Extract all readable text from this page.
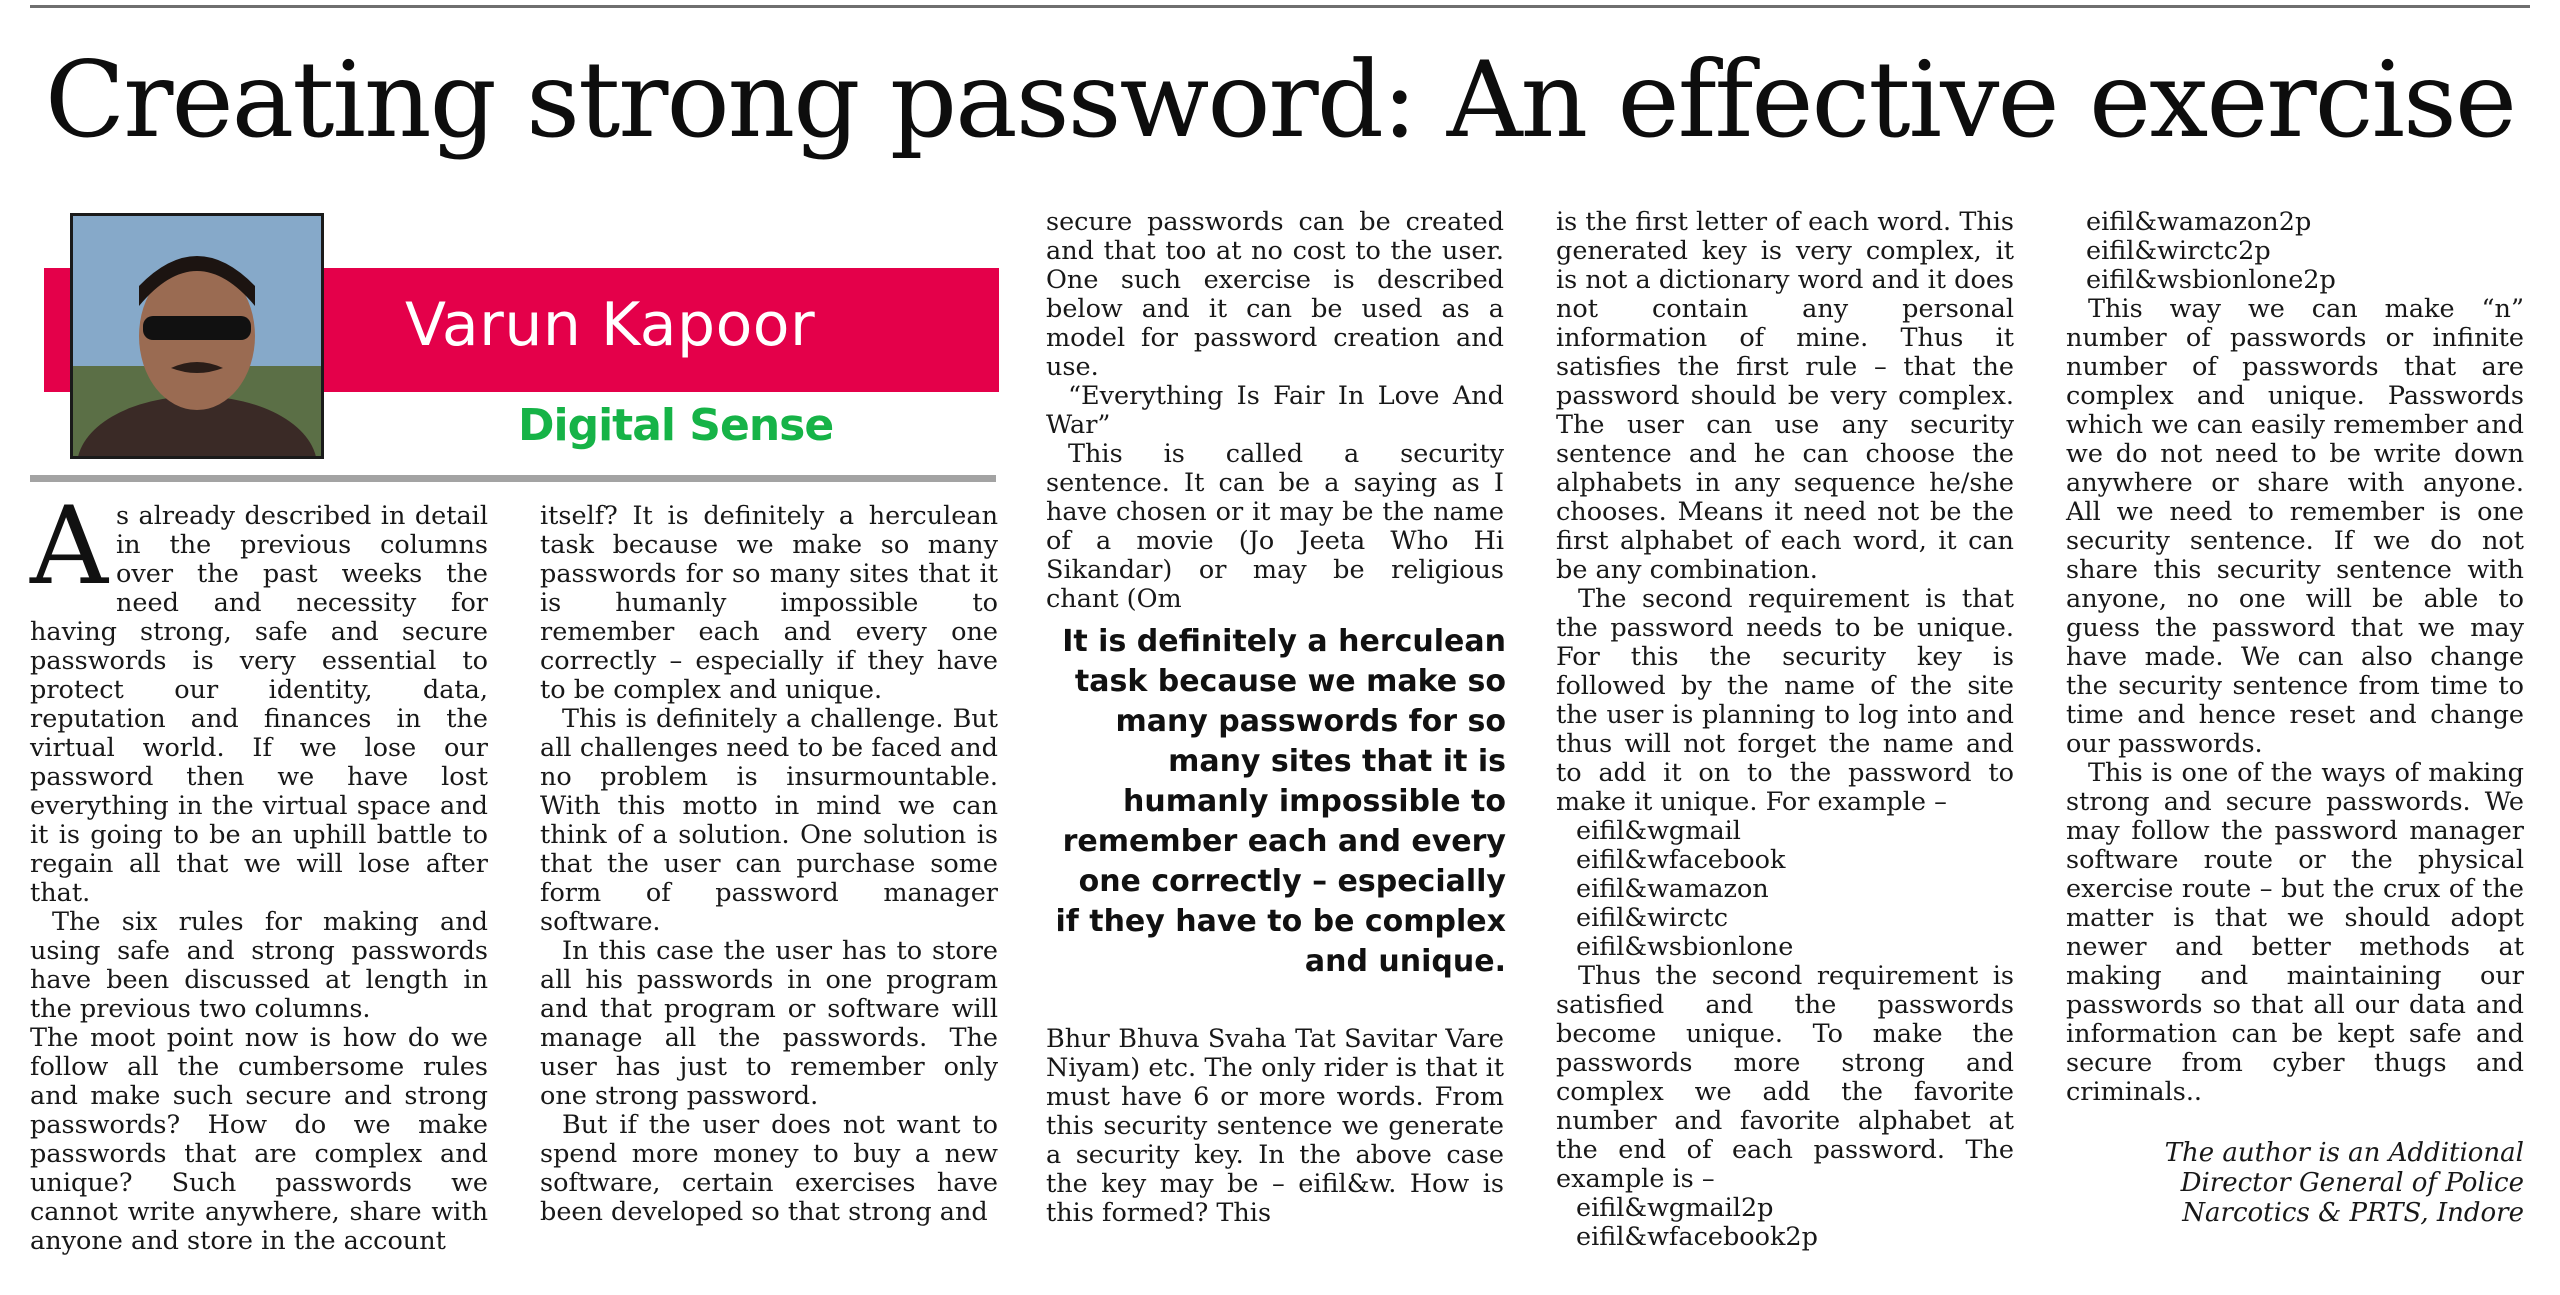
Creating strong password: An effective exercise
Varun Kapoor
Digital Sense

As already described in detail in the previous columns over the past weeks the need and necessity for having strong, safe and secure passwords is very essential to protect our identity, data, reputation and finances in the virtual world. If we lose our password then we have lost everything in the virtual space and it is going to be an uphill battle to regain all that we will lose after that.

The six rules for making and using safe and strong passwords have been discussed at length in the previous two columns.

The moot point now is how do we follow all the cumbersome rules and make such secure and strong passwords? How do we make passwords that are complex and unique? Such passwords we cannot write anywhere, share with anyone and store in the account

itself? It is definitely a herculean task because we make so many passwords for so many sites that it is humanly impossible to remember each and every one correctly – especially if they have to be complex and unique.

This is definitely a challenge. But all challenges need to be faced and no problem is insurmountable. With this motto in mind we can think of a solution. One solution is that the user can purchase some form of password manager software.

In this case the user has to store all his passwords in one program and that program or software will manage all the passwords. The user has just to remember only one strong password.

But if the user does not want to spend more money to buy a new software, certain exercises have been developed so that strong and

secure passwords can be created and that too at no cost to the user. One such exercise is described below and it can be used as a model for password creation and use.

“Everything Is Fair In Love And War”

This is called a security sentence. It can be a saying as I have chosen or it may be the name of a movie (Jo Jeeta Who Hi Sikandar) or may be religious chant (Om

It is definitely a herculean task because we make so many passwords for so many sites that it is humanly impossible to remember each and every one correctly – especially if they have to be complex and unique.

Bhur Bhuva Svaha Tat Savitar Vare Niyam) etc. The only rider is that it must have 6 or more words. From this security sentence we generate a security key. In the above case the key may be – eifil&w. How is this formed? This

is the first letter of each word. This generated key is very complex, it is not a dictionary word and it does not contain any personal information of mine. Thus it satisfies the first rule – that the password should be very complex. The user can use any security sentence and he can choose the alphabets in any sequence he/she chooses. Means it need not be the first alphabet of each word, it can be any combination.

The second requirement is that the password needs to be unique. For this the security key is followed by the name of the site the user is planning to log into and thus will not forget the name and to add it on to the password to make it unique. For example –

eifil&wgmail

eifil&wfacebook

eifil&wamazon

eifil&wirctc

eifil&wsbionlone

Thus the second requirement is satisfied and the passwords become unique. To make the passwords more strong and complex we add the favorite number and favorite alphabet at the end of each password. The example is –

eifil&wgmail2p

eifil&wfacebook2p

eifil&wamazon2p

eifil&wirctc2p

eifil&wsbionlone2p

This way we can make “n” number of passwords or infinite number of passwords that are complex and unique. Passwords which we can easily remember and we do not need to be write down anywhere or share with anyone. All we need to remember is one security sentence. If we do not share this security sentence with anyone, no one will be able to guess the password that we may have made. We can also change the security sentence from time to time and hence reset and change our passwords.

This is one of the ways of making strong and secure passwords. We may follow the password manager software route or the physical exercise route – but the crux of the matter is that we should adopt newer and better methods at making and maintaining our passwords so that all our data and information can be kept safe and secure from cyber thugs and criminals..

The author is an Additional
Director General of Police
Narcotics & PRTS, Indore
